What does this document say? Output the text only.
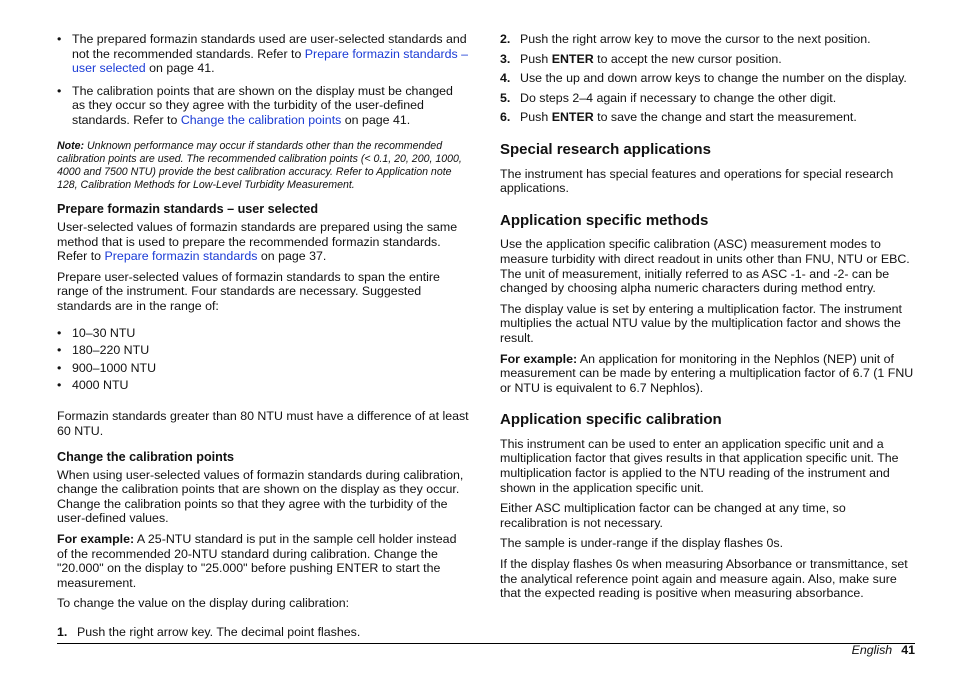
• The prepared formazin standards used are user-selected standards and not the recommended standards. Refer to Prepare formazin standards – user selected on page 41.
• The calibration points that are shown on the display must be changed as they occur so they agree with the turbidity of the user-defined standards. Refer to Change the calibration points on page 41.

Note: Unknown performance may occur if standards other than the recommended calibration points are used. The recommended calibration points (< 0.1, 20, 200, 1000, 4000 and 7500 NTU) provide the best calibration accuracy. Refer to Application note 128, Calibration Methods for Low-Level Turbidity Measurement.

Prepare formazin standards – user selected

User-selected values of formazin standards are prepared using the same method that is used to prepare the recommended formazin standards. Refer to Prepare formazin standards on page 37.

Prepare user-selected values of formazin standards to span the entire range of the instrument. Four standards are necessary. Suggested standards are in the range of:

• 10–30 NTU
• 180–220 NTU
• 900–1000 NTU
• 4000 NTU

Formazin standards greater than 80 NTU must have a difference of at least 60 NTU.

Change the calibration points

When using user-selected values of formazin standards during calibration, change the calibration points that are shown on the display as they occur. Change the calibration points so that they agree with the turbidity of the user-defined values.

For example: A 25-NTU standard is put in the sample cell holder instead of the recommended 20-NTU standard during calibration. Change the "20.000" on the display to "25.000" before pushing ENTER to start the measurement.

To change the value on the display during calibration:

1. Push the right arrow key. The decimal point flashes.
2. Push the right arrow key to move the cursor to the next position.
3. Push ENTER to accept the new cursor position.
4. Use the up and down arrow keys to change the number on the display.
5. Do steps 2–4 again if necessary to change the other digit.
6. Push ENTER to save the change and start the measurement.
Special research applications

The instrument has special features and operations for special research applications.

Application specific methods

Use the application specific calibration (ASC) measurement modes to measure turbidity with direct readout in units other than FNU, NTU or EBC. The unit of measurement, initially referred to as ASC -1- and -2- can be changed by choosing alpha numeric characters during method entry.

The display value is set by entering a multiplication factor. The instrument multiplies the actual NTU value by the multiplication factor and shows the result.

For example: An application for monitoring in the Nephlos (NEP) unit of measurement can be made by entering a multiplication factor of 6.7 (1 FNU or NTU is equivalent to 6.7 Nephlos).

Application specific calibration

This instrument can be used to enter an application specific unit and a multiplication factor that gives results in that application specific unit. The multiplication factor is applied to the NTU reading of the instrument and shown in the application specific unit.

Either ASC multiplication factor can be changed at any time, so recalibration is not necessary.

The sample is under-range if the display flashes 0s.

If the display flashes 0s when measuring Absorbance or transmittance, set the analytical reference point again and measure again. Also, make sure that the expected reading is positive when measuring absorbance.

English 41
